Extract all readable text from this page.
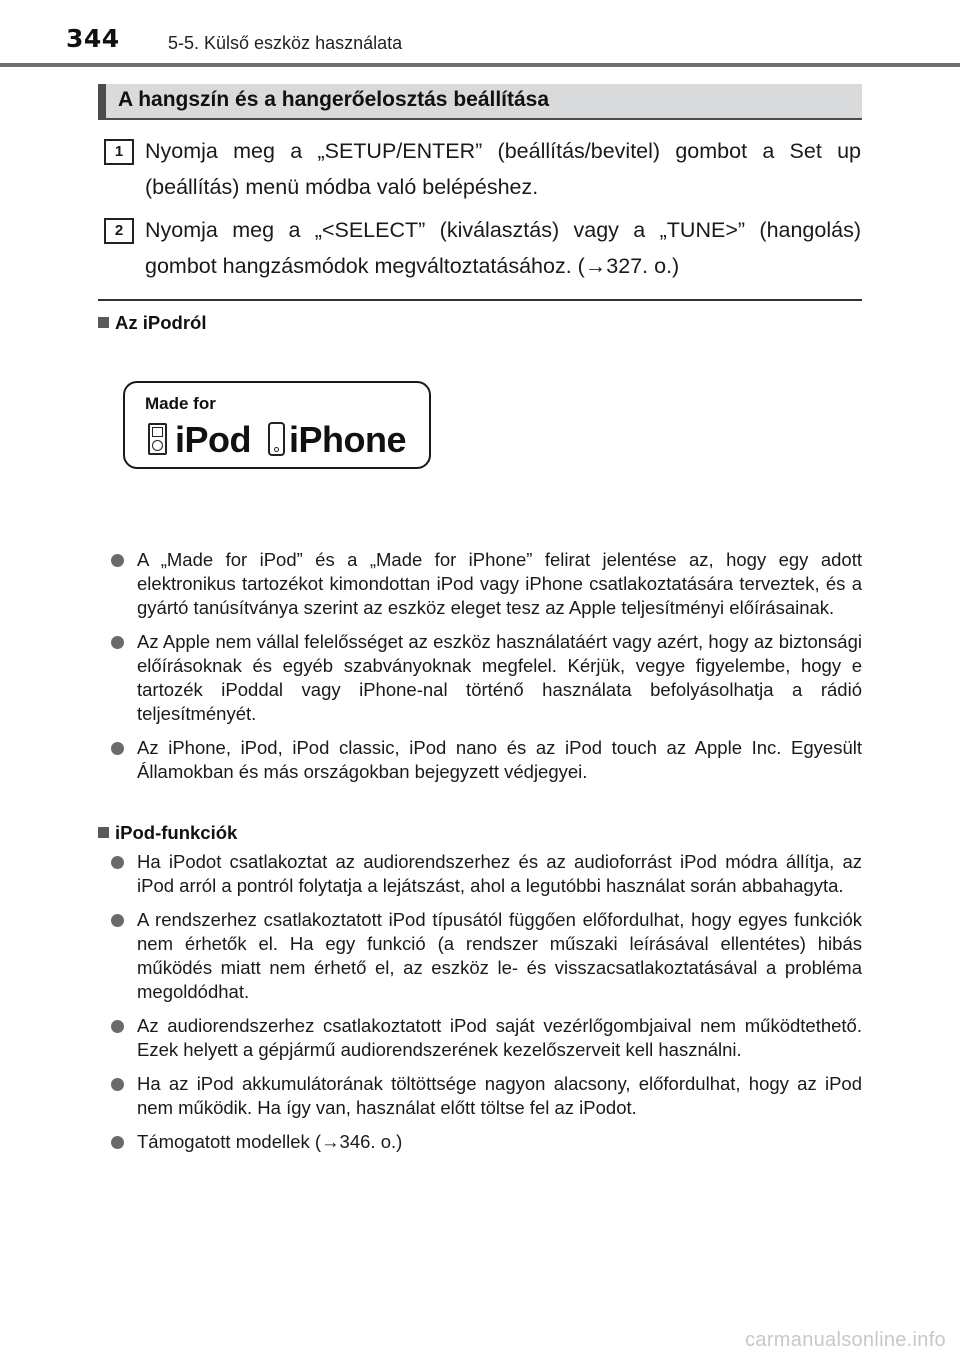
344	5-5. Külső eszköz használata
A hangszín és a hangerőelosztás beállítása
1	Nyomja meg a „SETUP/ENTER” (beállítás/bevitel) gombot a Set up (beállítás) menü módba való belépéshez.
2	Nyomja meg a „<SELECT” (kiválasztás) vagy a „TUNE>” (hangolás) gombot hangzásmódok megváltoztatásához. (→327. o.)
Az iPodról
Made for
iPod iPhone
A „Made for iPod” és a „Made for iPhone” felirat jelentése az, hogy egy adott elektronikus tartozékot kimondottan iPod vagy iPhone csatlakoztatására terveztek, és a gyártó tanúsítványa szerint az eszköz eleget tesz az Apple teljesítményi előírásainak.
Az Apple nem vállal felelősséget az eszköz használatáért vagy azért, hogy az biztonsági előírásoknak és egyéb szabványoknak megfelel. Kérjük, vegye figyelembe, hogy e tartozék iPoddal vagy iPhone-nal történő használata befolyásolhatja a rádió teljesítményét.
Az iPhone, iPod, iPod classic, iPod nano és az iPod touch az Apple Inc. Egyesült Államokban és más országokban bejegyzett védjegyei.
iPod-funkciók
Ha iPodot csatlakoztat az audiorendszerhez és az audioforrást iPod módra állítja, az iPod arról a pontról folytatja a lejátszást, ahol a legutóbbi használat során abbahagyta.
A rendszerhez csatlakoztatott iPod típusától függően előfordulhat, hogy egyes funkciók nem érhetők el. Ha egy funkció (a rendszer műszaki leírásával ellentétes) hibás működés miatt nem érhető el, az eszköz le- és visszacsatlakoztatásával a probléma megoldódhat.
Az audiorendszerhez csatlakoztatott iPod saját vezérlőgombjaival nem működtethető. Ezek helyett a gépjármű audiorendszerének kezelőszerveit kell használni.
Ha az iPod akkumulátorának töltöttsége nagyon alacsony, előfordulhat, hogy az iPod nem működik. Ha így van, használat előtt töltse fel az iPodot.
Támogatott modellek (→346. o.)
carmanualsonline.info
